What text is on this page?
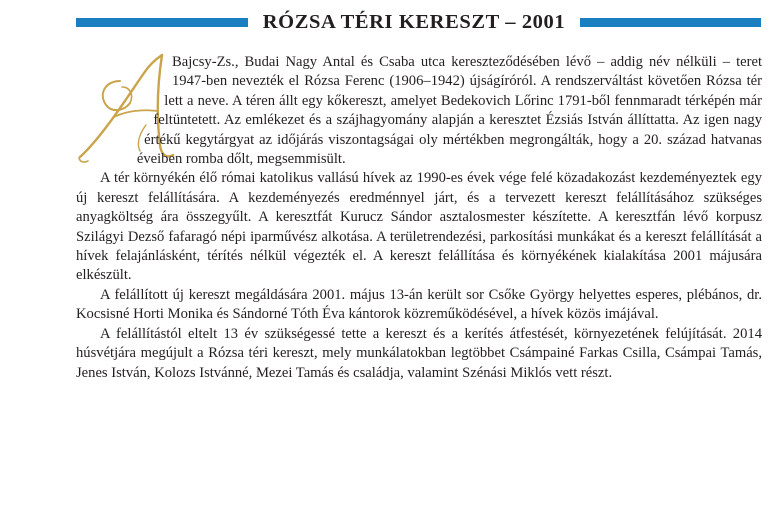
RÓZSA TÉRI KERESZT – 2001

Bajcsy-Zs., Budai Nagy Antal és Csaba utca kereszteződésében lévő – addig név nélküli – teret 1947-ben nevezték el Rózsa Ferenc (1906–1942) újságíróról. A rendszerváltást követően Rózsa tér lett a neve. A téren állt egy kőkereszt, amelyet Bedekovich Lőrinc 1791-ből fennmaradt térképén már feltüntetett. Az emlékezet és a szájhagyomány alapján a keresztet Ézsiás István állíttatta. Az igen nagy értékű kegytárgyat az időjárás viszontagságai oly mértékben megrongálták, hogy a 20. század hatvanas éveiben romba dőlt, megsemmisült.

A tér környékén élő római katolikus vallású hívek az 1990-es évek vége felé közadakozást kezdeményeztek egy új kereszt felállítására. A kezdeményezés eredménnyel járt, és a tervezett kereszt felállításához szükséges anyagköltség ára összegyűlt. A keresztfát Kurucz Sándor asztalosmester készítette. A keresztfán lévő korpusz Szilágyi Dezső fafaragó népi iparművész alkotása. A területrendezési, parkosítási munkákat és a kereszt felállítását a hívek felajánlásként, térítés nélkül végezték el. A kereszt felállítása és környékének kialakítása 2001 májusára elkészült.

A felállított új kereszt megáldására 2001. május 13-án került sor Csőke György helyettes esperes, plébános, dr. Kocsisné Horti Monika és Sándorné Tóth Éva kántorok közreműködésével, a hívek közös imájával.

A felállítástól eltelt 13 év szükségessé tette a kereszt és a kerítés átfestését, környezetének felújítását. 2014 húsvétjára megújult a Rózsa téri kereszt, mely munkálatokban legtöbbet Csámpainé Farkas Csilla, Csámpai Tamás, Jenes István, Kolozs Istvánné, Mezei Tamás és családja, valamint Szénási Miklós vett részt.
